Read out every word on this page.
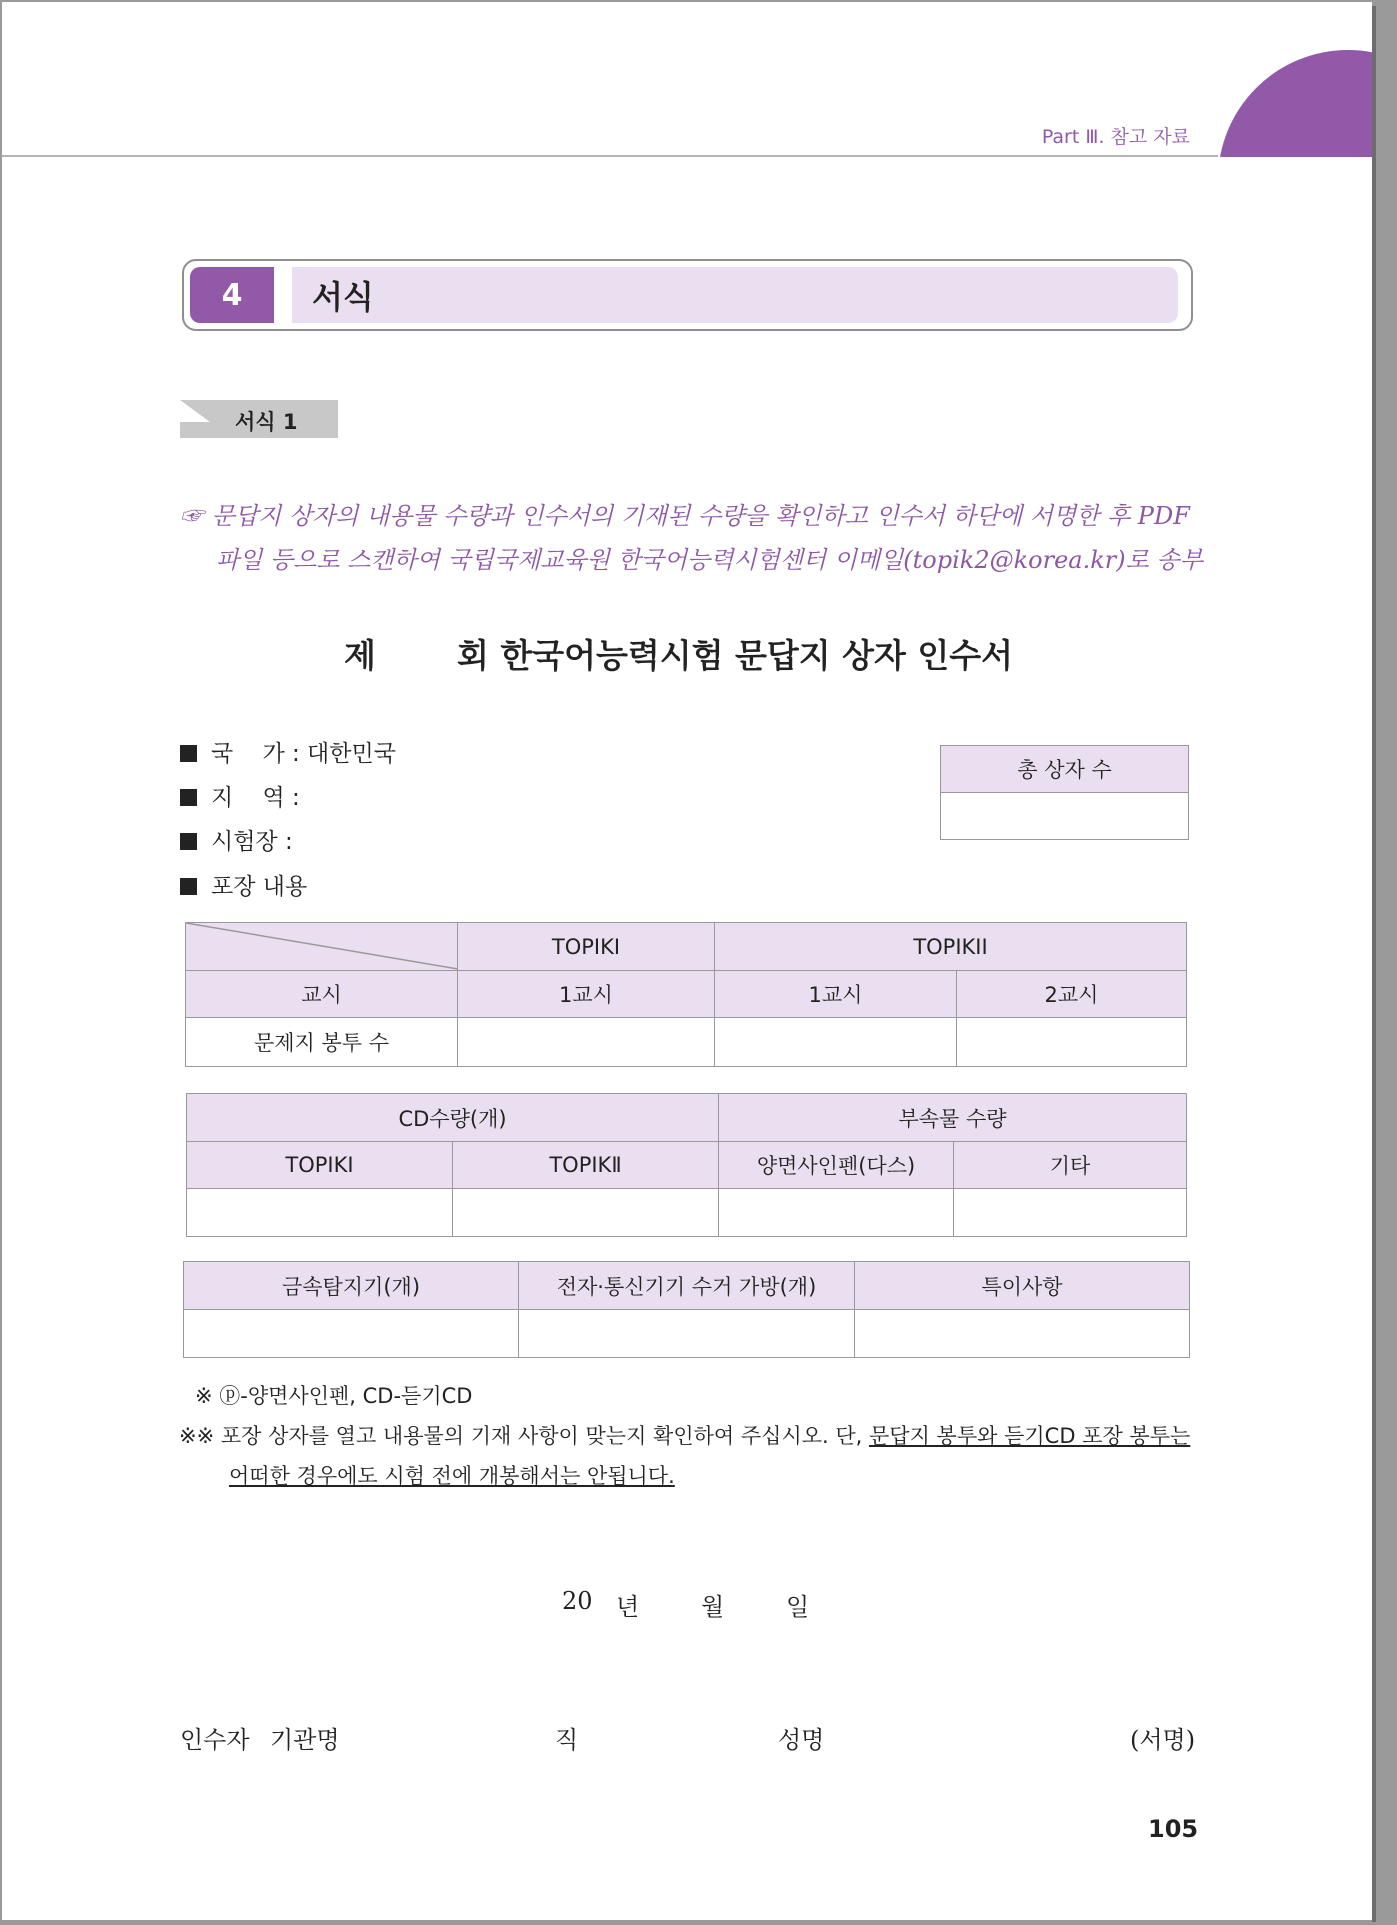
Part Ⅲ. 참고 자료
4	서식
서식 1
☞ 문답지 상자의 내용물 수량과 인수서의 기재된 수량을 확인하고 인수서 하단에 서명한 후 PDF
파일 등으로 스캔하여 국립국제교육원 한국어능력시험센터 이메일(topik2@korea.kr)로 송부
제 회 한국어능력시험 문답지 상자 인수서
국    가 : 대한민국
지    역 :
시험장 :
포장 내용
총 상자 수

	TOPIKI	TOPIKII	
교시	1교시	1교시	2교시
문제지 봉투 수			
CD수량(개)		부속물 수량	
TOPIKI	TOPIKⅡ	양면사인펜(다스)	기타

금속탐지기(개)	전자·통신기기 수거 가방(개)	특이사항

※ ⓟ-양면사인펜, CD-듣기CD
※※ 포장 상자를 열고 내용물의 기재 사항이 맞는지 확인하여 주십시오. 단, 문답지 봉투와 듣기CD 포장 봉투는
어떠한 경우에도 시험 전에 개봉해서는 안됩니다.
20 년	월	일
인수자 기관명	직	성명	(서명)
105
